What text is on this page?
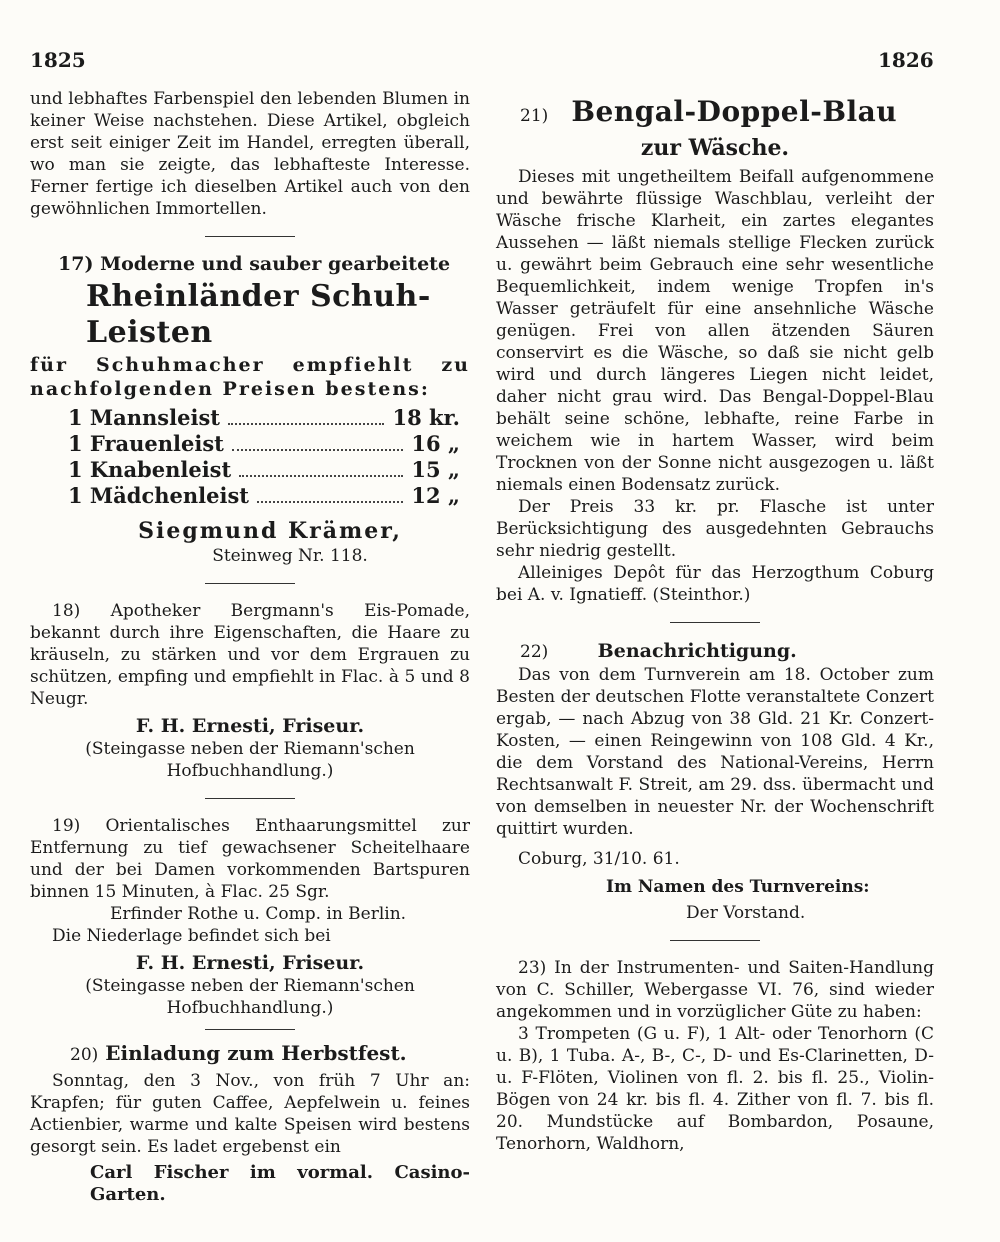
1825	1826

und lebhaftes Farbenspiel den lebenden Blumen in keiner Weise nachstehen. Diese Artikel, obgleich erst seit einiger Zeit im Handel, erregten überall, wo man sie zeigte, das lebhafteste Interesse. Ferner fertige ich dieselben Artikel auch von den gewöhnlichen Immortellen.

17) Moderne und sauber gearbeitete

Rheinländer Schuh-Leisten

für Schuhmacher empfiehlt zu nachfolgenden Preisen bestens:

1 Mannsleist	18 kr.
1 Frauenleist	16 „
1 Knabenleist	15 „
1 Mädchenleist	12 „

Siegmund Krämer,

Steinweg Nr. 118.

18) Apotheker Bergmann's Eis-Pomade, bekannt durch ihre Eigenschaften, die Haare zu kräuseln, zu stärken und vor dem Ergrauen zu schützen, empfing und empfiehlt in Flac. à 5 und 8 Neugr.

F. H. Ernesti, Friseur.

(Steingasse neben der Riemann'schen Hofbuchhandlung.)

19) Orientalisches Enthaarungsmittel zur Entfernung zu tief gewachsener Scheitelhaare und der bei Damen vorkommenden Bartspuren binnen 15 Minuten, à Flac. 25 Sgr.

Erfinder Rothe u. Comp. in Berlin.

Die Niederlage befindet sich bei

F. H. Ernesti, Friseur.

(Steingasse neben der Riemann'schen Hofbuchhandlung.)

20) Einladung zum Herbstfest.

Sonntag, den 3 Nov., von früh 7 Uhr an: Krapfen; für guten Caffee, Aepfelwein u. feines Actienbier, warme und kalte Speisen wird bestens gesorgt sein. Es ladet ergebenst ein

Carl Fischer im vormal. Casino-Garten.

21) Bengal-Doppel-Blau

zur Wäsche.

Dieses mit ungetheiltem Beifall aufgenommene und bewährte flüssige Waschblau, verleiht der Wäsche frische Klarheit, ein zartes elegantes Aussehen — läßt niemals stellige Flecken zurück u. gewährt beim Gebrauch eine sehr wesentliche Bequemlichkeit, indem wenige Tropfen in's Wasser geträufelt für eine ansehnliche Wäsche genügen. Frei von allen ätzenden Säuren conservirt es die Wäsche, so daß sie nicht gelb wird und durch längeres Liegen nicht leidet, daher nicht grau wird. Das Bengal-Doppel-Blau behält seine schöne, lebhafte, reine Farbe in weichem wie in hartem Wasser, wird beim Trocknen von der Sonne nicht ausgezogen u. läßt niemals einen Bodensatz zurück.

Der Preis 33 kr. pr. Flasche ist unter Berücksichtigung des ausgedehnten Gebrauchs sehr niedrig gestellt.

Alleiniges Depôt für das Herzogthum Coburg bei A. v. Ignatieff. (Steinthor.)

22)	Benachrichtigung.

Das von dem Turnverein am 18. October zum Besten der deutschen Flotte veranstaltete Conzert ergab, — nach Abzug von 38 Gld. 21 Kr. Conzert-Kosten, — einen Reingewinn von 108 Gld. 4 Kr., die dem Vorstand des National-Vereins, Herrn Rechtsanwalt F. Streit, am 29. dss. übermacht und von demselben in neuester Nr. der Wochenschrift quittirt wurden.

Coburg, 31/10. 61.

Im Namen des Turnvereins:

Der Vorstand.

23) In der Instrumenten- und Saiten-Handlung von C. Schiller, Webergasse VI. 76, sind wieder angekommen und in vorzüglicher Güte zu haben:

3 Trompeten (G u. F), 1 Alt- oder Tenorhorn (C u. B), 1 Tuba. A-, B-, C-, D- und Es-Clarinetten, D- u. F-Flöten, Violinen von fl. 2. bis fl. 25., Violin-Bögen von 24 kr. bis fl. 4. Zither von fl. 7. bis fl. 20. Mundstücke auf Bombardon, Posaune, Tenorhorn, Waldhorn,
